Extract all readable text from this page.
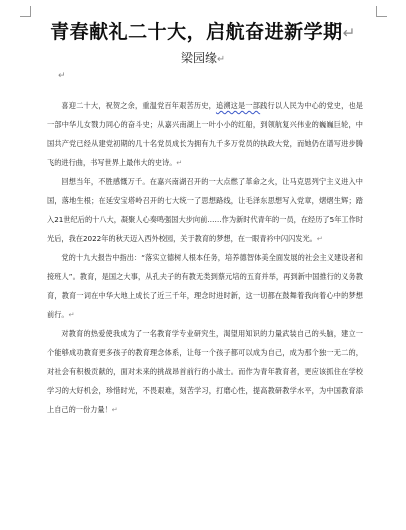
青春献礼二十大，启航奋进新学期↵
梁园缘↵
↵

喜迎二十大，祝贺之余，重温党百年艰苦历史，追溯这是一部践行以人民为中心的党史，也是一部中华儿女戮力同心的奋斗史；从嘉兴南湖上一叶小小的红船，到领航复兴伟业的巍巍巨轮，中国共产党已经从建党初期的几十名党员成长为拥有九千多万党员的执政大党，而她仍在谱写进步腾飞的进行曲，书写世界上最伟大的史诗。↵

回想当年，不胜感慨万千。在嘉兴南湖召开的一大点燃了革命之火，让马克思列宁主义进入中国，落地生根；在延安宝塔岭召开的七大统一了思想路线，让毛泽东思想写入党章，熠熠生辉；踏入21世纪后的十八大，凝聚人心奏鸣强国大步向前……作为新时代青年的一员，在经历了5年工作时光后，我在2022年的秋天迈入西外校园，关于教育的梦想，在一眼青衿中闪闪发光。↵

党的十九大报告中指出：“落实立德树人根本任务，培养德智体美全面发展的社会主义建设者和接班人”。教育，是国之大事，从孔夫子的有教无类到蔡元培的五育并举，再到新中国推行的义务教育，教育一词在中华大地上成长了近三千年，理念时进时新，这一切都在鼓舞着我向着心中的梦想前行。↵

对教育的热爱使我成为了一名教育学专业研究生，渴望用知识的力量武装自己的头脑，建立一个能够成功教育更多孩子的教育理念体系，让每一个孩子都可以成为自己，成为那个独一无二的，对社会有积极贡献的，面对未来的挑战昂首前行的小战士。而作为青年教育者，更应该抓住在学校学习的大好机会，珍惜时光，不畏艰难，刻苦学习，打磨心性，提高教研教学水平，为中国教育添上自己的一份力量！↵
